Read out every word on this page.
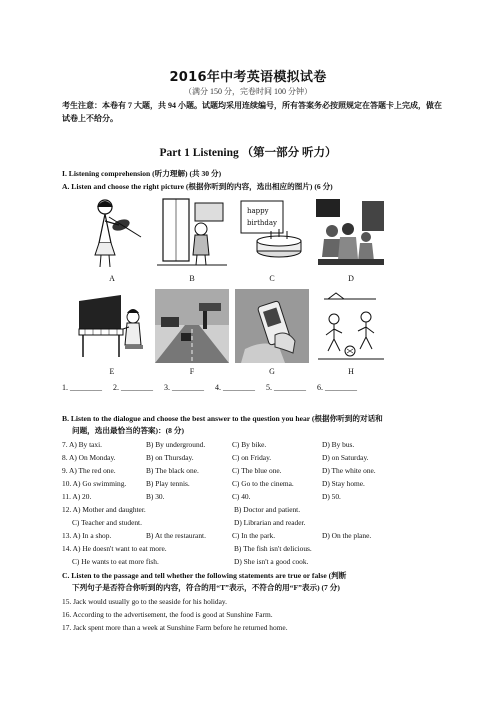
2016年中考英语模拟试卷
（满分 150 分，完卷时间 100 分钟）
考生注意：本卷有 7 大题，共 94 小题。试题均采用连续编号，所有答案务必按照规定在答题卡上完成，做在试卷上不给分。
Part 1 Listening （第一部分 听力）
I. Listening comprehension (听力理解) (共 30 分)
A. Listen and choose the right picture (根据你听到的内容，选出相应的图片) (6 分)
happy
birthday
A	B	C	D
E	F	G	H
1. ________ 2. ________ 3. ________ 4. ________ 5. ________ 6. ________
B. Listen to the dialogue and choose the best answer to the question you hear (根据你听到的对话和
问题，选出最恰当的答案)：(8 分)
7. A) By taxi.	B) By underground.	C) By bike.	D) By bus.
8. A) On Monday.	B) on Thursday.	C) on Friday.	D) on Saturday.
9. A) The red one.	B) The black one.	C) The blue one.	D) The white one.
10. A) Go swimming.	B) Play tennis.	C) Go to the cinema.	D) Stay home.
11. A) 20.	B) 30.	C) 40.	D) 50.
12. A) Mother and daughter.	B) Doctor and patient.
C) Teacher and student.	D) Librarian and reader.
13. A) In a shop.	B) At the restaurant.	C) In the park.	D) On the plane.
14. A) He doesn't want to eat more.	B) The fish isn't delicious.
C) He wants to eat more fish.	D) She isn't a good cook.
C. Listen to the passage and tell whether the following statements are true or false (判断
下列句子是否符合你听到的内容，符合的用“T”表示，不符合的用“F”表示) (7 分)
15. Jack would usually go to the seaside for his holiday.
16. According to the advertisement, the food is good at Sunshine Farm.
17. Jack spent more than a week at Sunshine Farm before he returned home.
